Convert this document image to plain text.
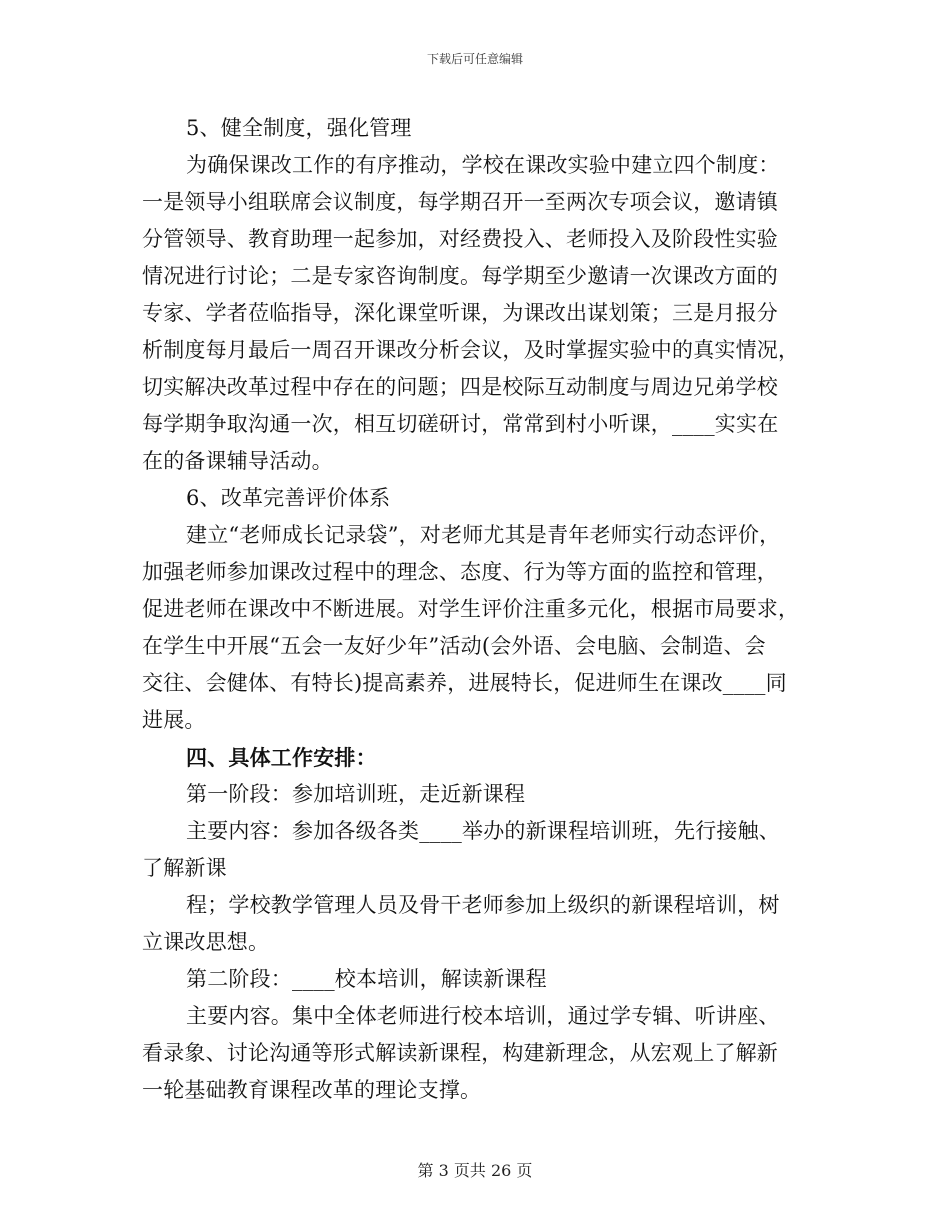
下载后可任意编辑
5、健全制度，强化管理
为确保课改工作的有序推动，学校在课改实验中建立四个制度：
一是领导小组联席会议制度，每学期召开一至两次专项会议，邀请镇
分管领导、教育助理一起参加，对经费投入、老师投入及阶段性实验
情况进行讨论；二是专家咨询制度。每学期至少邀请一次课改方面的
专家、学者莅临指导，深化课堂听课，为课改出谋划策；三是月报分
析制度每月最后一周召开课改分析会议，及时掌握实验中的真实情况，
切实解决改革过程中存在的问题；四是校际互动制度与周边兄弟学校
每学期争取沟通一次，相互切磋研讨，常常到村小听课，____实实在
在的备课辅导活动。
6、改革完善评价体系
建立“老师成长记录袋”，对老师尤其是青年老师实行动态评价，
加强老师参加课改过程中的理念、态度、行为等方面的监控和管理，
促进老师在课改中不断进展。对学生评价注重多元化，根据市局要求，
在学生中开展“五会一友好少年”活动(会外语、会电脑、会制造、会
交往、会健体、有特长)提高素养，进展特长，促进师生在课改____同
进展。
四、具体工作安排：
第一阶段：参加培训班，走近新课程
主要内容：参加各级各类____举办的新课程培训班，先行接触、
了解新课
程；学校教学管理人员及骨干老师参加上级织的新课程培训，树
立课改思想。
第二阶段：____校本培训，解读新课程
主要内容。集中全体老师进行校本培训，通过学专辑、听讲座、
看录象、讨论沟通等形式解读新课程，构建新理念，从宏观上了解新
一轮基础教育课程改革的理论支撑。
第 3 页共 26 页
